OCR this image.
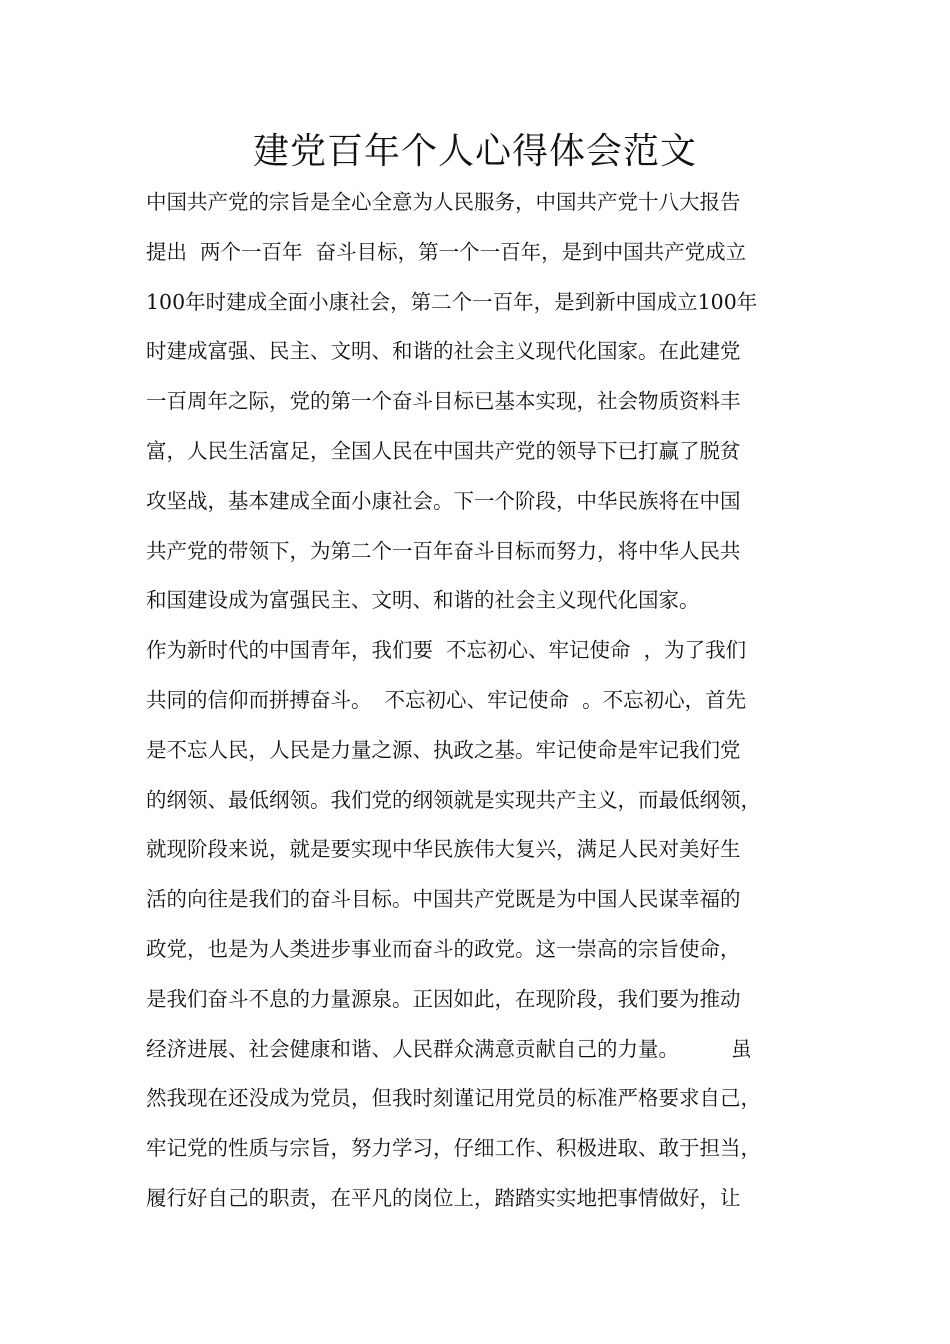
建党百年个人心得体会范文
中国共产党的宗旨是全心全意为人民服务，中国共产党十八大报告
提出  两个一百年  奋斗目标，第一个一百年，是到中国共产党成立
100年时建成全面小康社会，第二个一百年，是到新中国成立100年
时建成富强、民主、文明、和谐的社会主义现代化国家。在此建党
一百周年之际，党的第一个奋斗目标已基本实现，社会物质资料丰
富，人民生活富足，全国人民在中国共产党的领导下已打赢了脱贫
攻坚战，基本建成全面小康社会。下一个阶段，中华民族将在中国
共产党的带领下，为第二个一百年奋斗目标而努力，将中华人民共
和国建设成为富强民主、文明、和谐的社会主义现代化国家。
作为新时代的中国青年，我们要  不忘初心、牢记使命  ，为了我们
共同的信仰而拼搏奋斗。  不忘初心、牢记使命  。不忘初心，首先
是不忘人民，人民是力量之源、执政之基。牢记使命是牢记我们党
的纲领、最低纲领。我们党的纲领就是实现共产主义，而最低纲领，
就现阶段来说，就是要实现中华民族伟大复兴，满足人民对美好生
活的向往是我们的奋斗目标。中国共产党既是为中国人民谋幸福的
政党，也是为人类进步事业而奋斗的政党。这一崇高的宗旨使命，
是我们奋斗不息的力量源泉。正因如此，在现阶段，我们要为推动
经济进展、社会健康和谐、人民群众满意贡献自己的力量。        虽
然我现在还没成为党员，但我时刻谨记用党员的标准严格要求自己，
牢记党的性质与宗旨，努力学习，仔细工作、积极进取、敢于担当，
履行好自己的职责，在平凡的岗位上，踏踏实实地把事情做好，让
